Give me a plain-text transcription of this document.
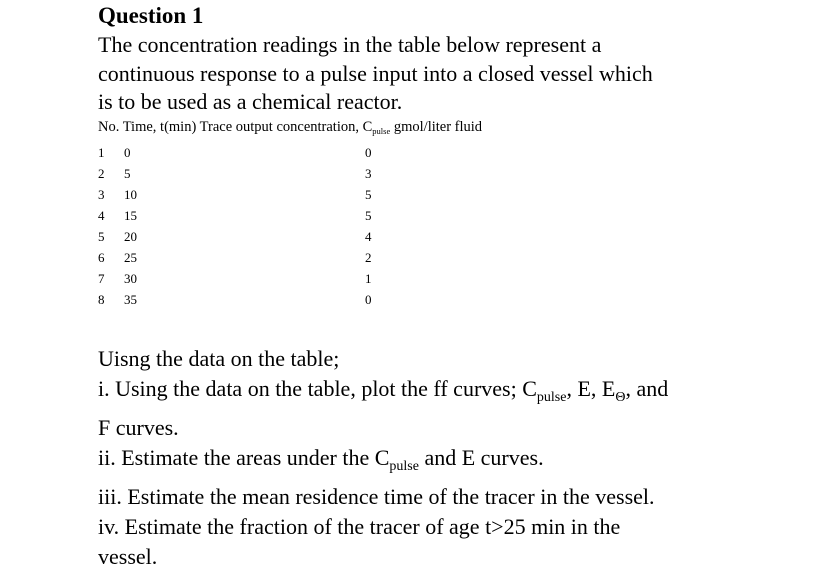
Question 1
The concentration readings in the table below represent a
continuous response to a pulse input into a closed vessel which
is to be used as a chemical reactor.
No. Time, t(min) Trace output concentration, $C_{pulse}$ gmol/liter fluid
1 0	0
2 5	3
3 10	5
4 15	5
5 20	4
6 25	2
7 30	1
8 35	0
Uisng the data on the table;
i. Using the data on the table, plot the ff curves; $C_{pulse}$, E, $E_\Theta$, and
F curves.
ii. Estimate the areas under the $C_{pulse}$ and E curves.
iii. Estimate the mean residence time of the tracer in the vessel.
iv. Estimate the fraction of the tracer of age t>25 min in the
vessel.
